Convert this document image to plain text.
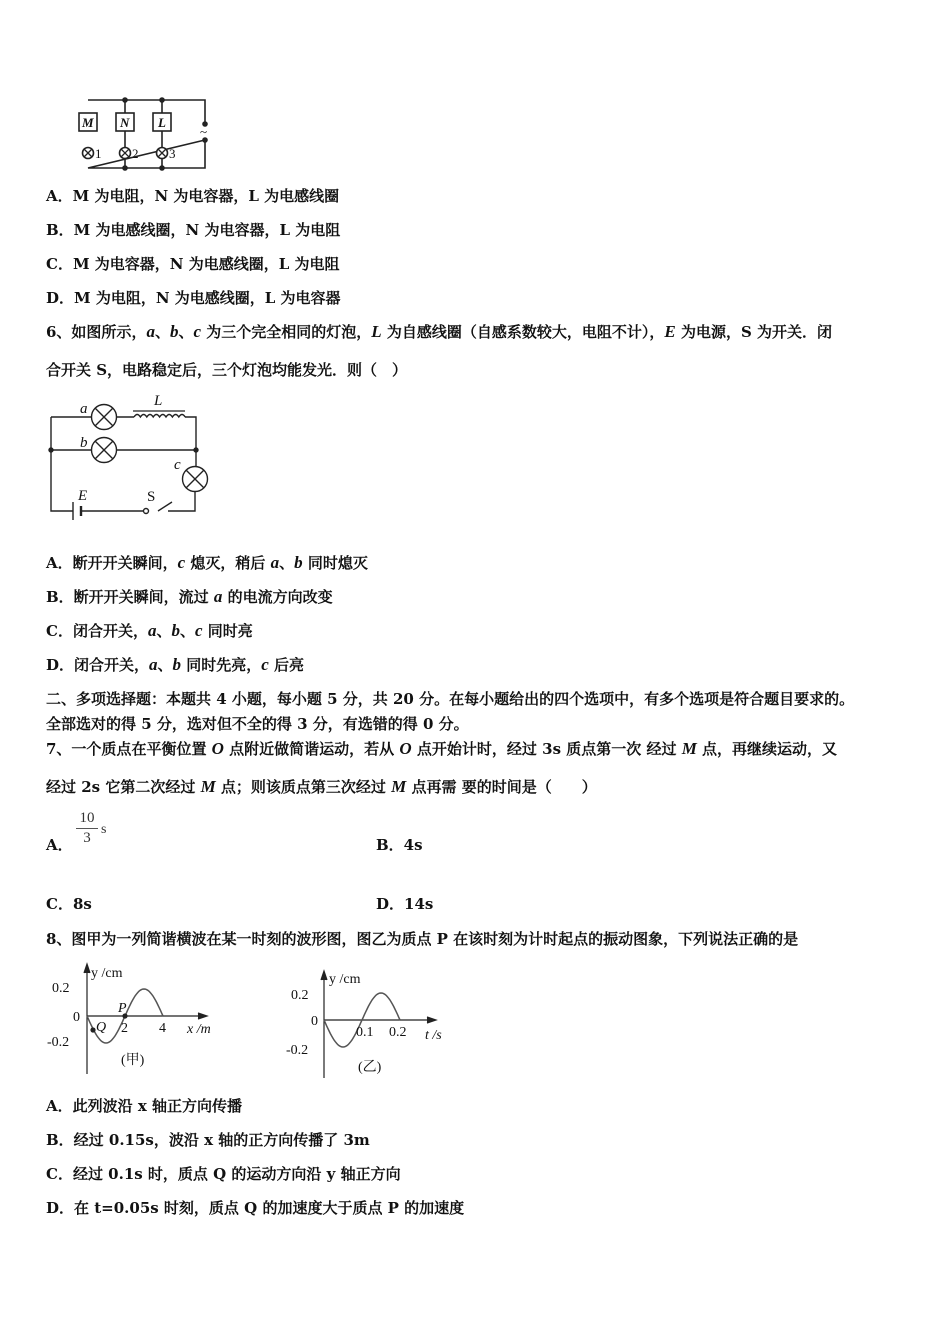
A．M 为电阻，N 为电容器，L 为电感线圈
B．M 为电感线圈，N 为电容器，L 为电阻
C．M 为电容器，N 为电感线圈，L 为电阻
D．M 为电阻，N 为电感线圈，L 为电容器
6、如图所示，a、b、c 为三个完全相同的灯泡，L 为自感线圈（自感系数较大，电阻不计），E 为电源，S 为开关．闭
合开关 S，电路稳定后，三个灯泡均能发光．则（　）
A．断开开关瞬间，c 熄灭，稍后 a、b 同时熄灭
B．断开开关瞬间，流过 a 的电流方向改变
C．闭合开关，a、b、c 同时亮
D．闭合开关，a、b 同时先亮，c 后亮
二、多项选择题：本题共 4 小题，每小题 5 分，共 20 分。在每小题给出的四个选项中，有多个选项是符合题目要求的。
全部选对的得 5 分，选对但不全的得 3 分，有选错的得 0 分。
7、一个质点在平衡位置 O 点附近做简谐运动，若从 O 点开始计时，经过 3s 质点第一次 经过 M 点，再继续运动，又
经过 2s 它第二次经过 M 点；则该质点第三次经过 M 点再需 要的时间是（　　）
A．	B．4s
C．8s	D．14s
8、图甲为一列简谐横波在某一时刻的波形图，图乙为质点 P 在该时刻为计时起点的振动图象，下列说法正确的是
A．此列波沿 x 轴正方向传播
B．经过 0.15s，波沿 x 轴的正方向传播了 3m
C．经过 0.1s 时，质点 Q 的运动方向沿 y 轴正方向
D．在 t=0.05s 时刻，质点 Q 的加速度大于质点 P 的加速度
10
3
s
M N L
1 2 3
~
a
b
c
L
E	S
y /cm
0.2
0
-0.2
2 4 x /m
Q
P
(甲)
y /cm
0.2
0
-0.2
0.1 0.2 t /s
(乙)
